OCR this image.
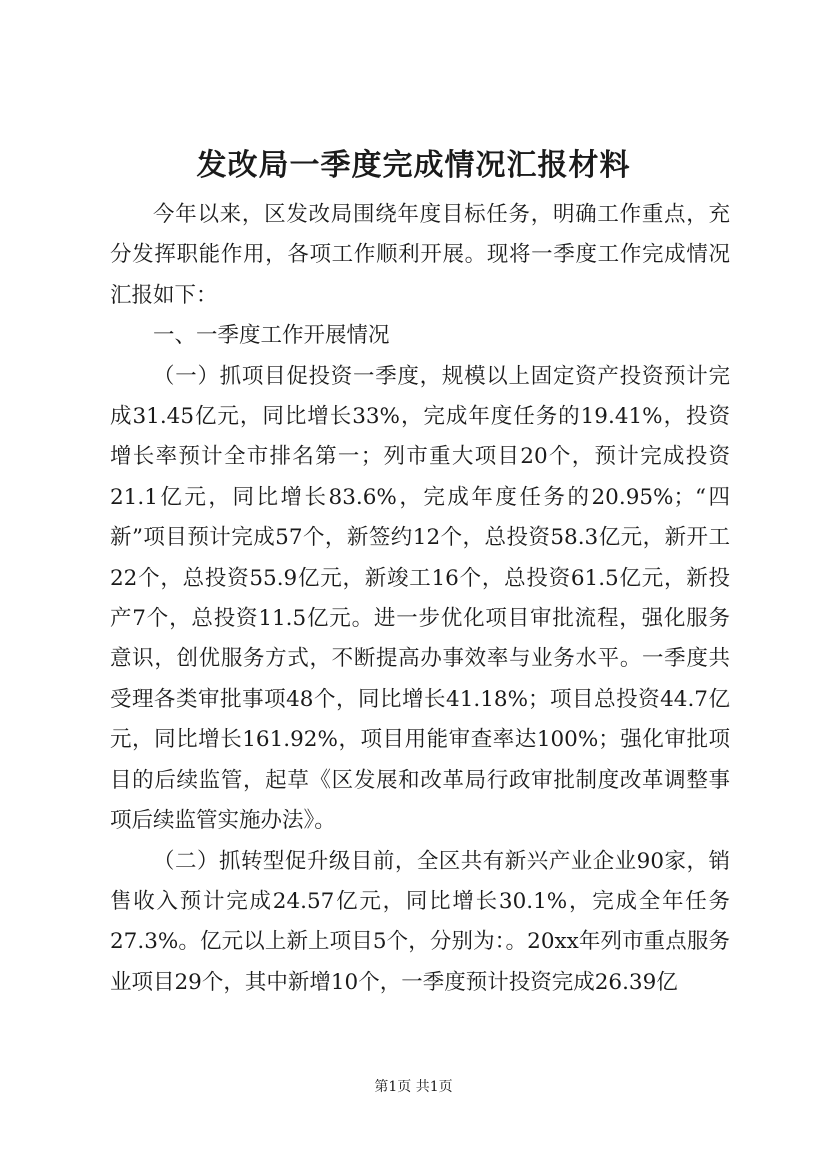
发改局一季度完成情况汇报材料

今年以来，区发改局围绕年度目标任务，明确工作重点，充分发挥职能作用，各项工作顺利开展。现将一季度工作完成情况汇报如下：

一、一季度工作开展情况

（一）抓项目促投资一季度，规模以上固定资产投资预计完成31.45亿元，同比增长33%，完成年度任务的19.41%，投资增长率预计全市排名第一；列市重大项目20个，预计完成投资21.1亿元，同比增长83.6%，完成年度任务的20.95%；“四新”项目预计完成57个，新签约12个，总投资58.3亿元，新开工22个，总投资55.9亿元，新竣工16个，总投资61.5亿元，新投产7个，总投资11.5亿元。进一步优化项目审批流程，强化服务意识，创优服务方式，不断提高办事效率与业务水平。一季度共受理各类审批事项48个，同比增长41.18%；项目总投资44.7亿元，同比增长161.92%，项目用能审查率达100%；强化审批项目的后续监管，起草《区发展和改革局行政审批制度改革调整事项后续监管实施办法》。

（二）抓转型促升级目前，全区共有新兴产业企业90家，销售收入预计完成24.57亿元，同比增长30.1%，完成全年任务27.3%。亿元以上新上项目5个，分别为：。20xx年列市重点服务业项目29个，其中新增10个，一季度预计投资完成26.39亿

第1页 共1页
